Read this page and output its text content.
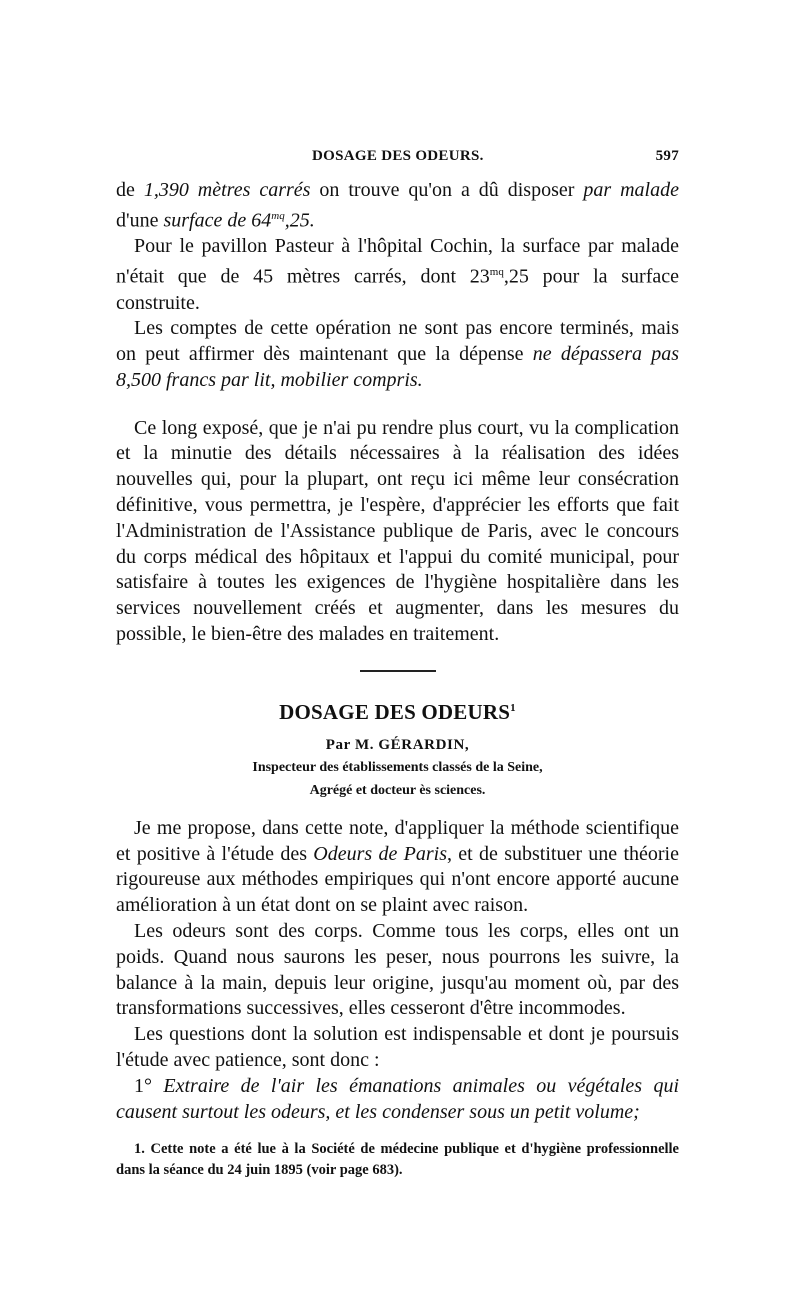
DOSAGE DES ODEURS.	597

de 1,390 mètres carrés on trouve qu'on a dû disposer par malade d'une surface de $64^{mq},25$.

Pour le pavillon Pasteur à l'hôpital Cochin, la surface par malade n'était que de 45 mètres carrés, dont $23^{mq},25$ pour la surface construite.

Les comptes de cette opération ne sont pas encore terminés, mais on peut affirmer dès maintenant que la dépense ne dépassera pas 8,500 francs par lit, mobilier compris.

Ce long exposé, que je n'ai pu rendre plus court, vu la complication et la minutie des détails nécessaires à la réalisation des idées nouvelles qui, pour la plupart, ont reçu ici même leur consécration définitive, vous permettra, je l'espère, d'apprécier les efforts que fait l'Administration de l'Assistance publique de Paris, avec le concours du corps médical des hôpitaux et l'appui du comité municipal, pour satisfaire à toutes les exigences de l'hygiène hospitalière dans les services nouvellement créés et augmenter, dans les mesures du possible, le bien-être des malades en traitement.

DOSAGE DES ODEURS$^1$
Par M. GÉRARDIN,
Inspecteur des établissements classés de la Seine,
Agrégé et docteur ès sciences.

Je me propose, dans cette note, d'appliquer la méthode scientifique et positive à l'étude des Odeurs de Paris, et de substituer une théorie rigoureuse aux méthodes empiriques qui n'ont encore apporté aucune amélioration à un état dont on se plaint avec raison.

Les odeurs sont des corps. Comme tous les corps, elles ont un poids. Quand nous saurons les peser, nous pourrons les suivre, la balance à la main, depuis leur origine, jusqu'au moment où, par des transformations successives, elles cesseront d'être incommodes.

Les questions dont la solution est indispensable et dont je poursuis l'étude avec patience, sont donc :

1° Extraire de l'air les émanations animales ou végétales qui causent surtout les odeurs, et les condenser sous un petit volume;

1. Cette note a été lue à la Société de médecine publique et d'hygiène professionnelle dans la séance du 24 juin 1895 (voir page 683).
